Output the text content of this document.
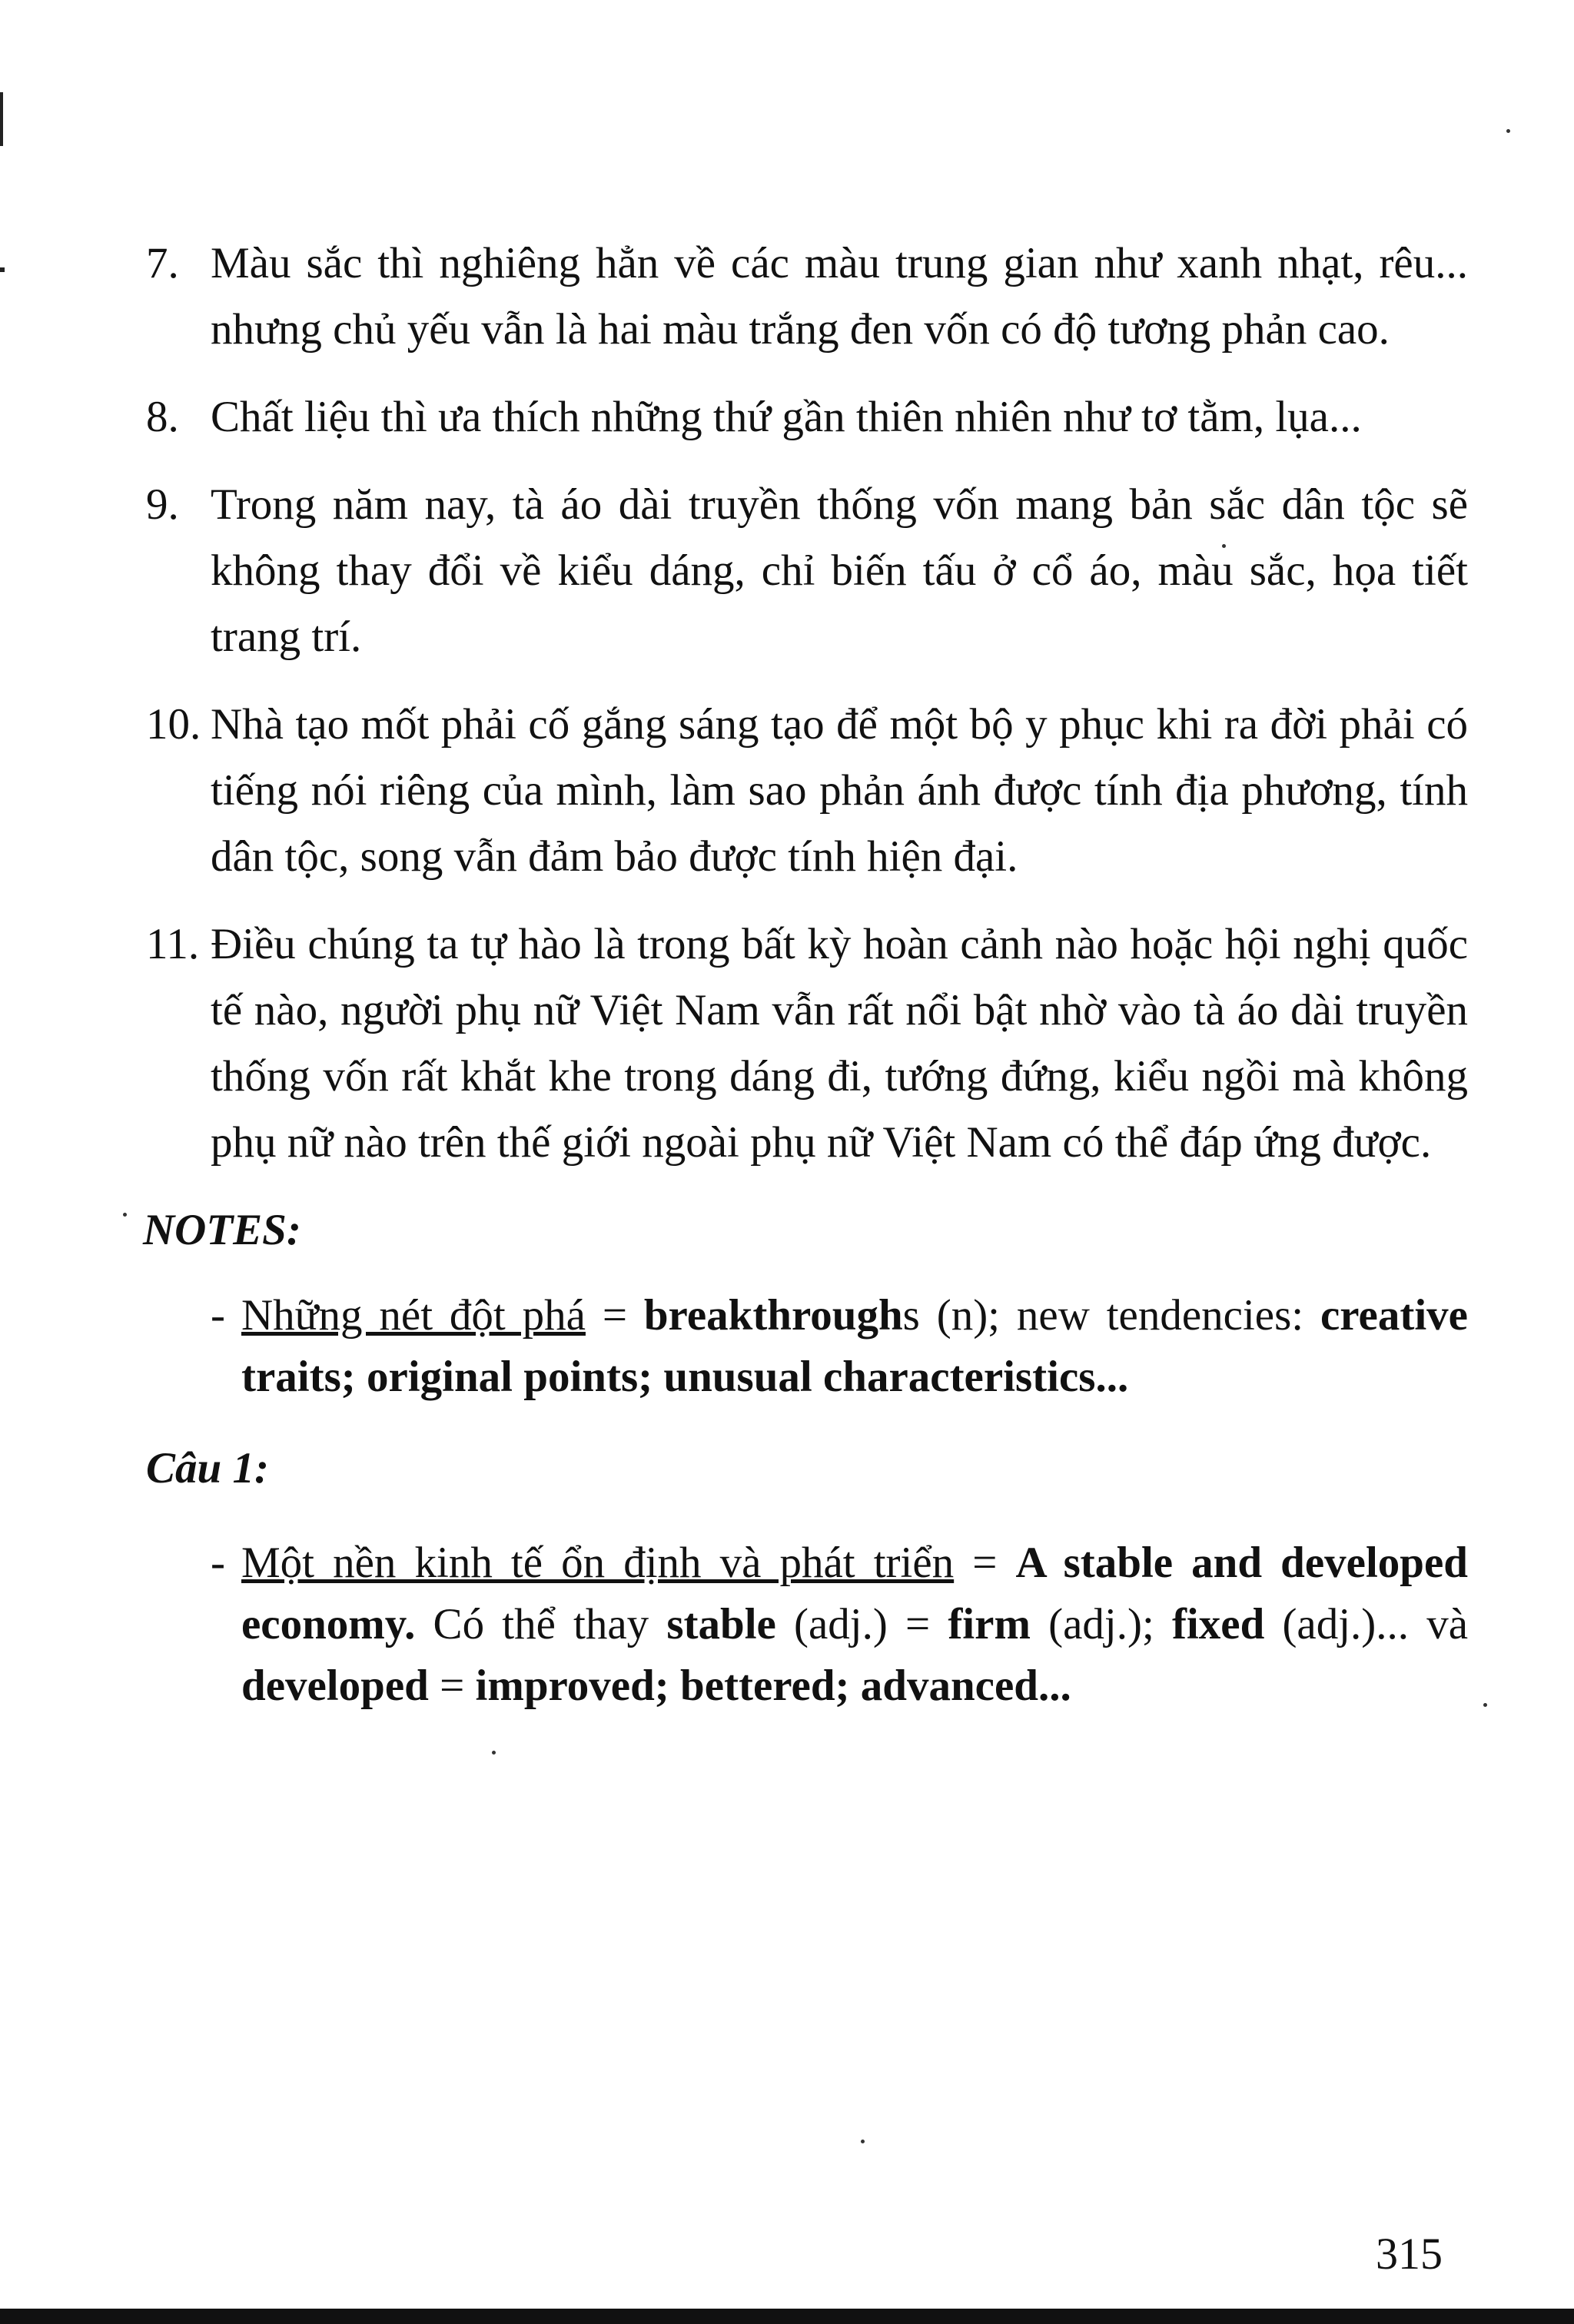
7. Màu sắc thì nghiêng hẳn về các màu trung gian như xanh nhạt, rêu... nhưng chủ yếu vẫn là hai màu trắng đen vốn có độ tương phản cao.
8. Chất liệu thì ưa thích những thứ gần thiên nhiên như tơ tằm, lụa...
9. Trong năm nay, tà áo dài truyền thống vốn mang bản sắc dân tộc sẽ không thay đổi về kiểu dáng, chỉ biến tấu ở cổ áo, màu sắc, họa tiết trang trí.
10. Nhà tạo mốt phải cố gắng sáng tạo để một bộ y phục khi ra đời phải có tiếng nói riêng của mình, làm sao phản ánh được tính địa phương, tính dân tộc, song vẫn đảm bảo được tính hiện đại.
11. Điều chúng ta tự hào là trong bất kỳ hoàn cảnh nào hoặc hội nghị quốc tế nào, người phụ nữ Việt Nam vẫn rất nổi bật nhờ vào tà áo dài truyền thống vốn rất khắt khe trong dáng đi, tướng đứng, kiểu ngồi mà không phụ nữ nào trên thế giới ngoài phụ nữ Việt Nam có thể đáp ứng được.
NOTES:
- Những nét đột phá = breakthroughs (n); new tendencies: creative traits; original points; unusual characteristics...
Câu 1:
- Một nền kinh tế ổn định và phát triển = A stable and developed economy. Có thể thay stable (adj.) = firm (adj.); fixed (adj.)... và developed = improved; bettered; advanced...
315
